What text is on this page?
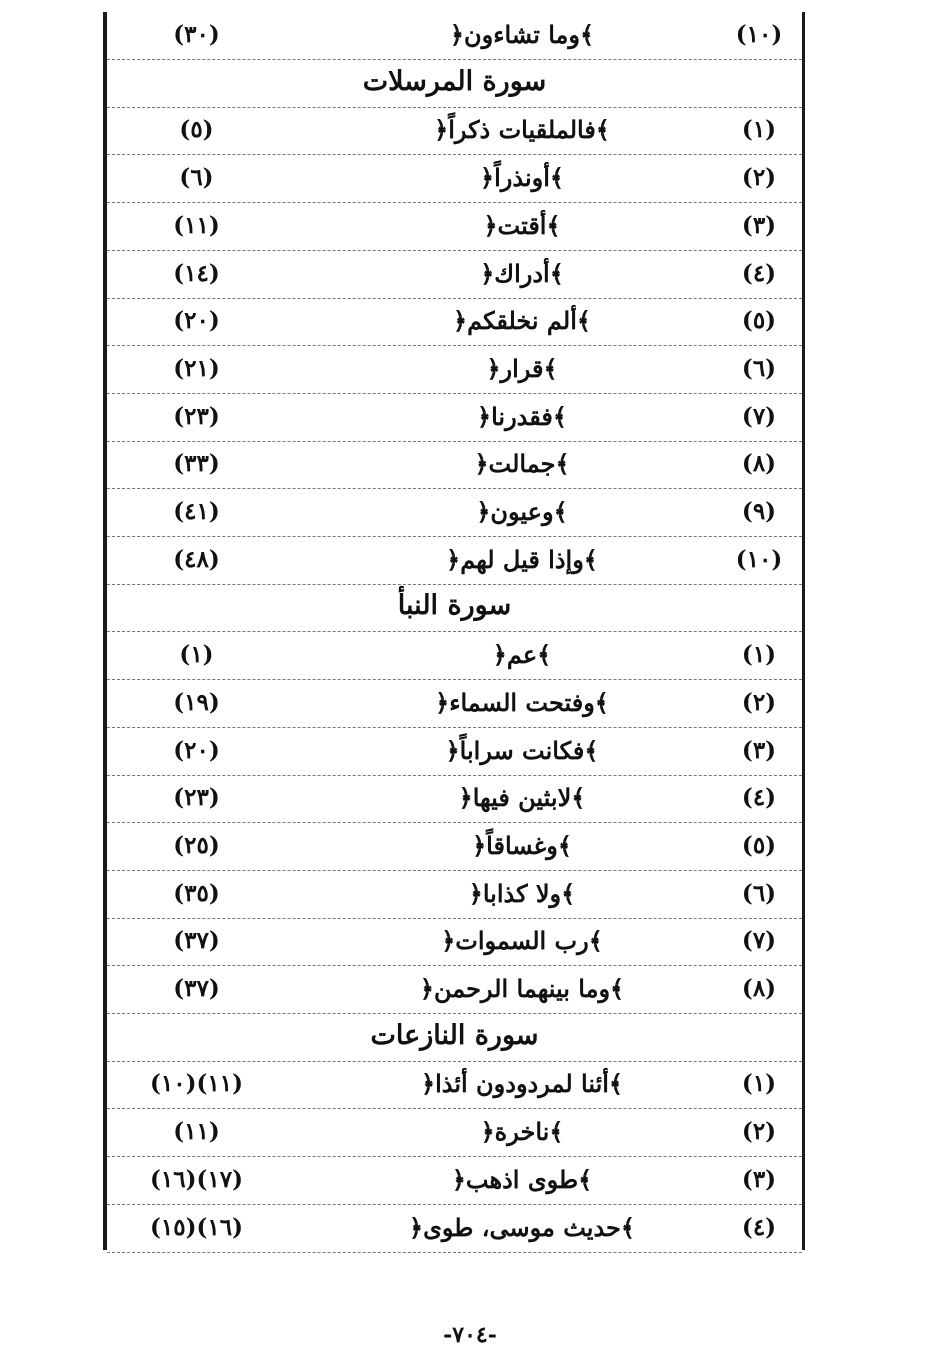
(٣٠)	﴿وما تشاءون﴾	(١٠)
سورة المرسلات
(٥)	﴿فالملقيات ذكراً﴾	(١)
(٦)	﴿أونذراً﴾	(٢)
(١١)	﴿أقتت﴾	(٣)
(١٤)	﴿أدراك﴾	(٤)
(٢٠)	﴿ألم نخلقكم﴾	(٥)
(٢١)	﴿قرار﴾	(٦)
(٢٣)	﴿فقدرنا﴾	(٧)
(٣٣)	﴿جمالت﴾	(٨)
(٤١)	﴿وعيون﴾	(٩)
(٤٨)	﴿وإذا قيل لهم﴾	(١٠)
سورة النبأ
(١)	﴿عم﴾	(١)
(١٩)	﴿وفتحت السماء﴾	(٢)
(٢٠)	﴿فكانت سراباً﴾	(٣)
(٢٣)	﴿لابثين فيها﴾	(٤)
(٢٥)	﴿وغساقاً﴾	(٥)
(٣٥)	﴿ولا كذابا﴾	(٦)
(٣٧)	﴿رب السموات﴾	(٧)
(٣٧)	﴿وما بينهما الرحمن﴾	(٨)
سورة النازعات
(١٠)(١١)	﴿أئنا لمردودون أئذا﴾	(١)
(١١)	﴿ناخرة﴾	(٢)
(١٦)(١٧)	﴿طوى اذهب﴾	(٣)
(١٥)(١٦)	﴿حديث موسى، طوى﴾	(٤)
-٧٠٤-
